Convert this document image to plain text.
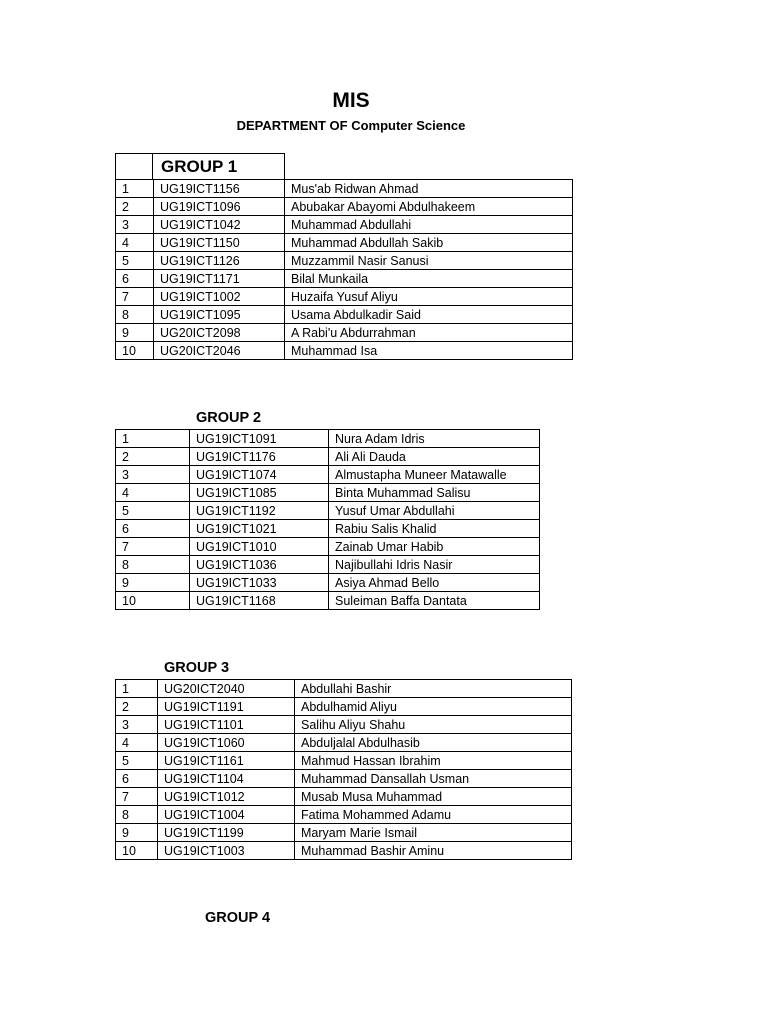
MIS
DEPARTMENT OF Computer Science
GROUP 1
1	UG19ICT1156	Mus'ab Ridwan Ahmad
2	UG19ICT1096	Abubakar Abayomi Abdulhakeem
3	UG19ICT1042	Muhammad Abdullahi
4	UG19ICT1150	Muhammad Abdullah Sakib
5	UG19ICT1126	Muzzammil Nasir Sanusi
6	UG19ICT1171	Bilal Munkaila
7	UG19ICT1002	Huzaifa Yusuf Aliyu
8	UG19ICT1095	Usama Abdulkadir Said
9	UG20ICT2098	A Rabi'u Abdurrahman
10	UG20ICT2046	Muhammad Isa
GROUP 2
1	UG19ICT1091	Nura Adam Idris
2	UG19ICT1176	Ali Ali Dauda
3	UG19ICT1074	Almustapha Muneer Matawalle
4	UG19ICT1085	Binta Muhammad Salisu
5	UG19ICT1192	Yusuf Umar Abdullahi
6	UG19ICT1021	Rabiu Salis Khalid
7	UG19ICT1010	Zainab Umar Habib
8	UG19ICT1036	Najibullahi Idris Nasir
9	UG19ICT1033	Asiya Ahmad Bello
10	UG19ICT1168	Suleiman Baffa Dantata
GROUP 3
1	UG20ICT2040	Abdullahi Bashir
2	UG19ICT1191	Abdulhamid Aliyu
3	UG19ICT1101	Salihu Aliyu Shahu
4	UG19ICT1060	Abduljalal Abdulhasib
5	UG19ICT1161	Mahmud Hassan Ibrahim
6	UG19ICT1104	Muhammad Dansallah Usman
7	UG19ICT1012	Musab Musa Muhammad
8	UG19ICT1004	Fatima Mohammed Adamu
9	UG19ICT1199	Maryam Marie Ismail
10	UG19ICT1003	Muhammad Bashir Aminu
GROUP 4
